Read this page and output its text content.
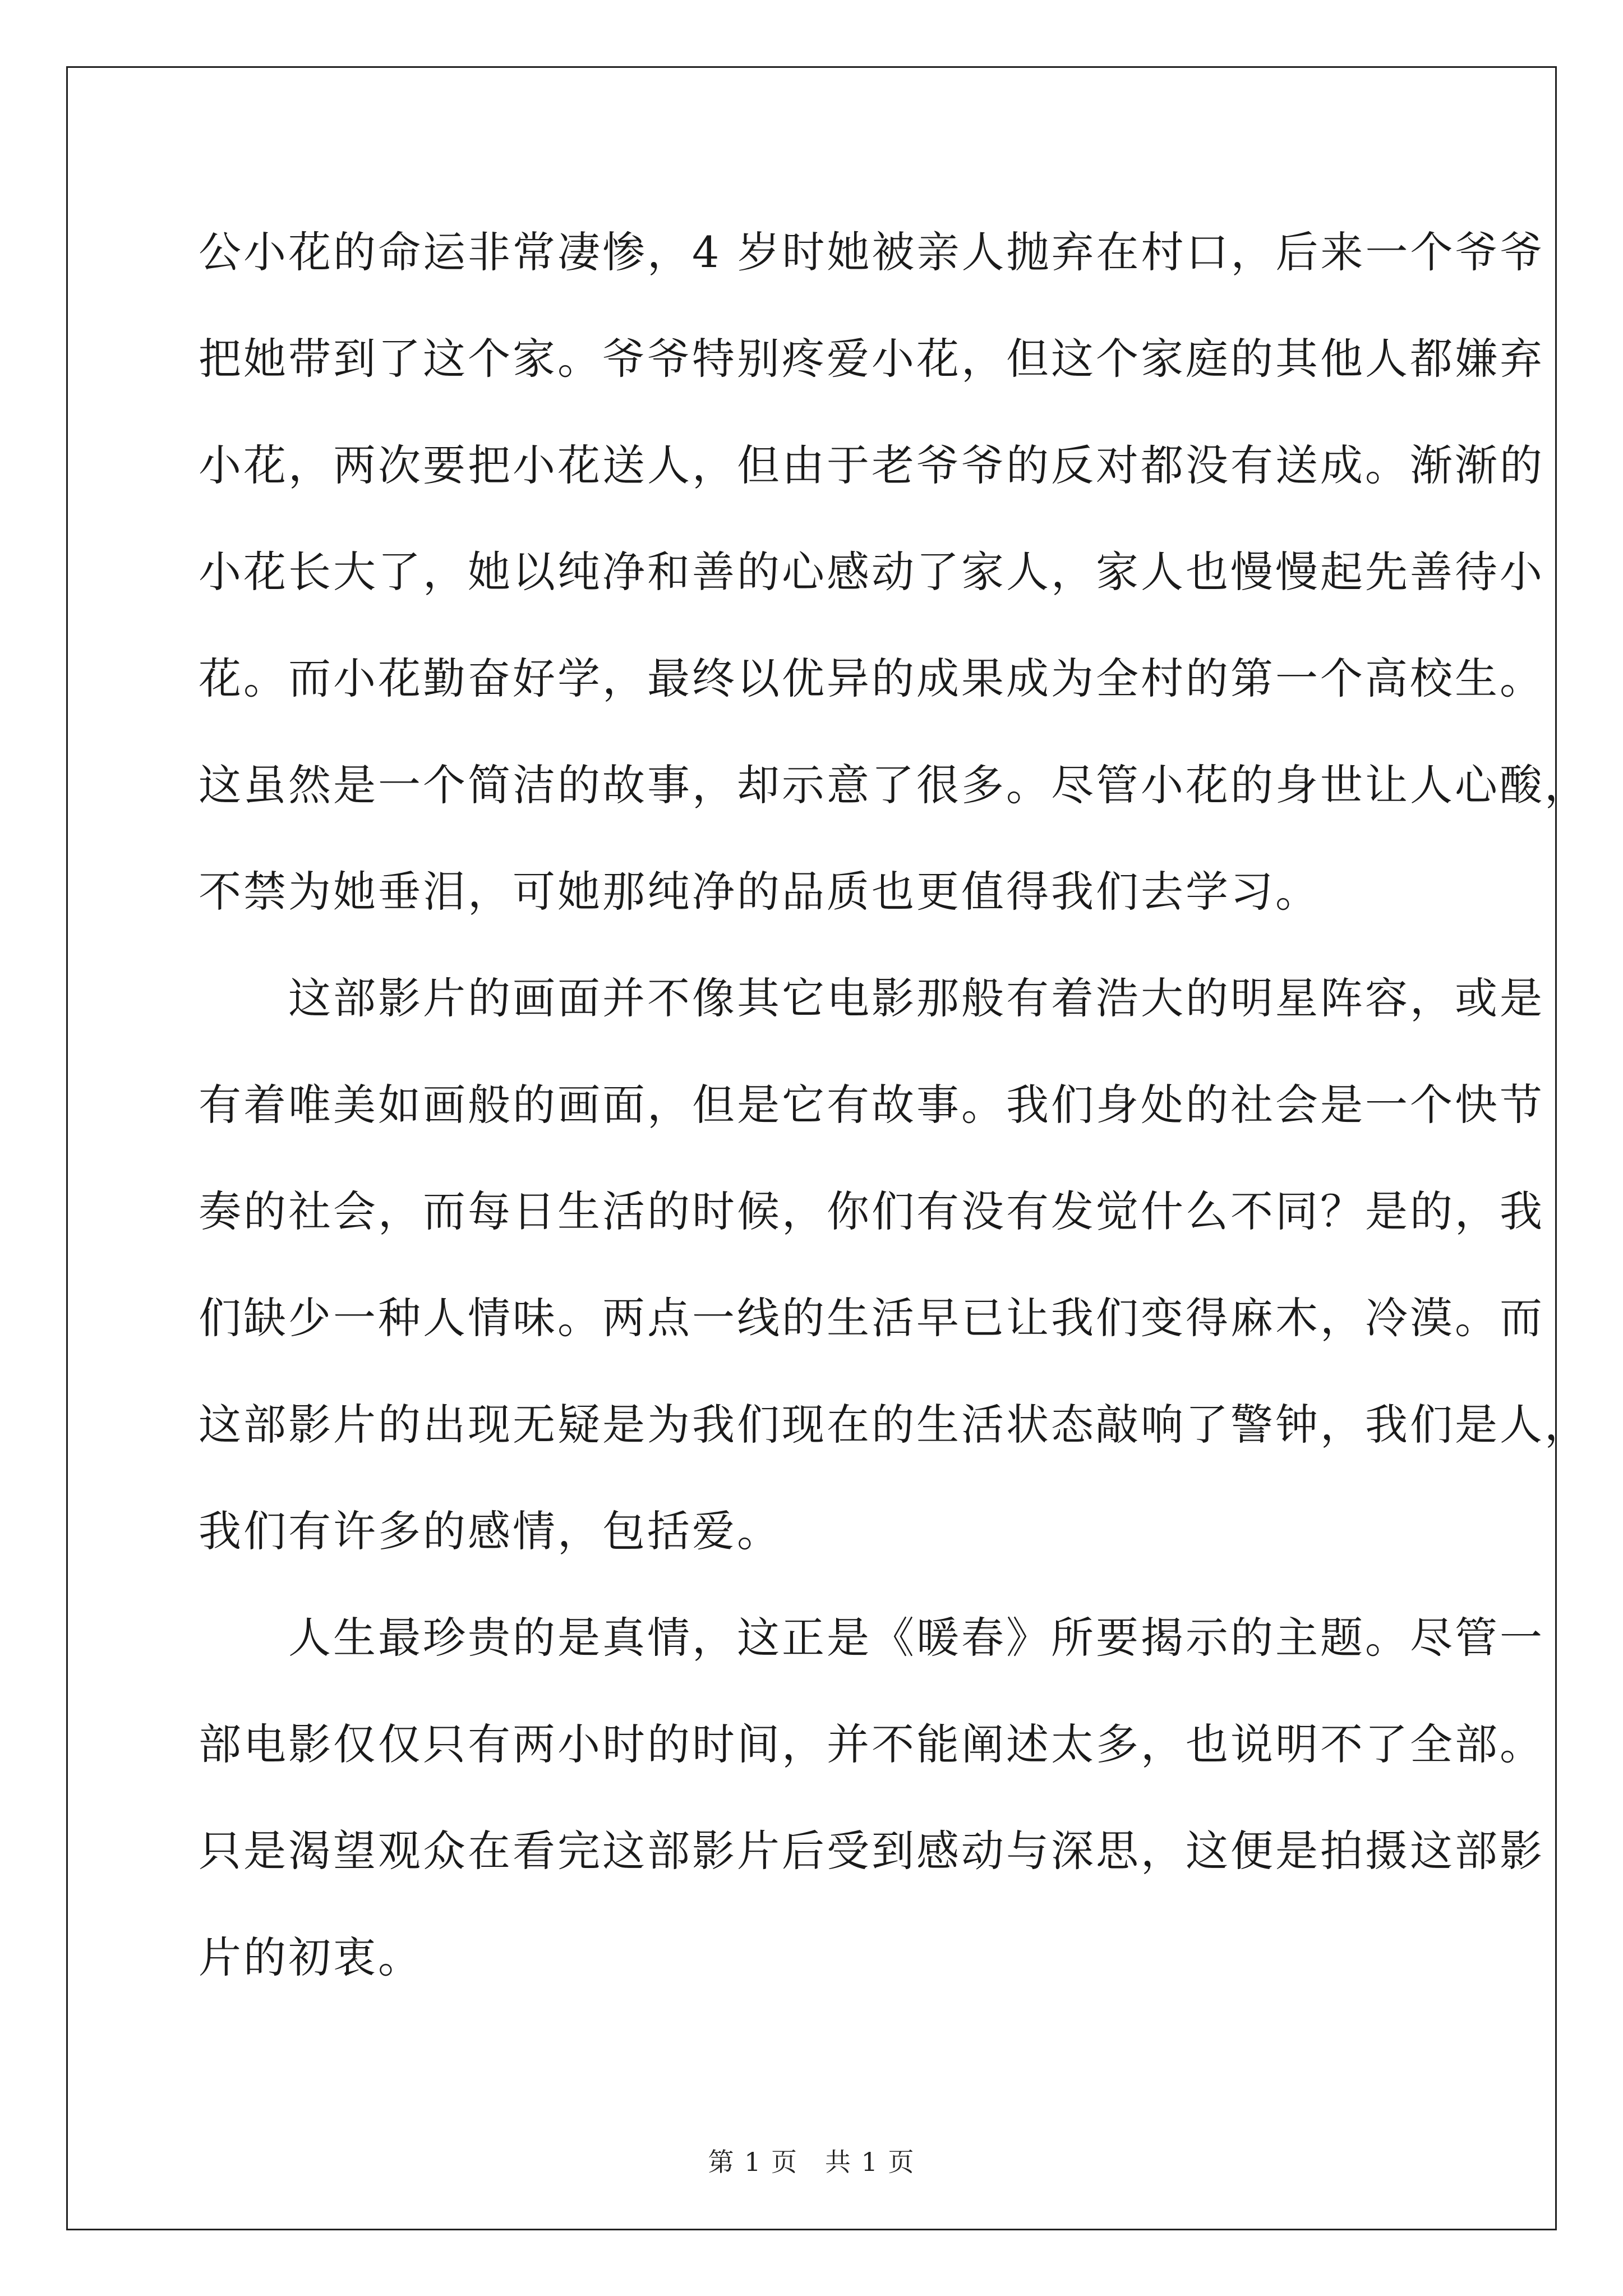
公小花的命运非常凄惨，4 岁时她被亲人抛弃在村口，后来一个爷爷
把她带到了这个家。爷爷特别疼爱小花，但这个家庭的其他人都嫌弃
小花，两次要把小花送人，但由于老爷爷的反对都没有送成。渐渐的
小花长大了，她以纯净和善的心感动了家人，家人也慢慢起先善待小
花。而小花勤奋好学，最终以优异的成果成为全村的第一个高校生。
这虽然是一个简洁的故事，却示意了很多。尽管小花的身世让人心酸，
不禁为她垂泪，可她那纯净的品质也更值得我们去学习。
　　这部影片的画面并不像其它电影那般有着浩大的明星阵容，或是
有着唯美如画般的画面，但是它有故事。我们身处的社会是一个快节
奏的社会，而每日生活的时候，你们有没有发觉什么不同？是的，我
们缺少一种人情味。两点一线的生活早已让我们变得麻木，冷漠。而
这部影片的出现无疑是为我们现在的生活状态敲响了警钟，我们是人，
我们有许多的感情，包括爱。
　　人生最珍贵的是真情，这正是《暖春》所要揭示的主题。尽管一
部电影仅仅只有两小时的时间，并不能阐述太多，也说明不了全部。
只是渴望观众在看完这部影片后受到感动与深思，这便是拍摄这部影
片的初衷。
第 1 页　共 1 页
